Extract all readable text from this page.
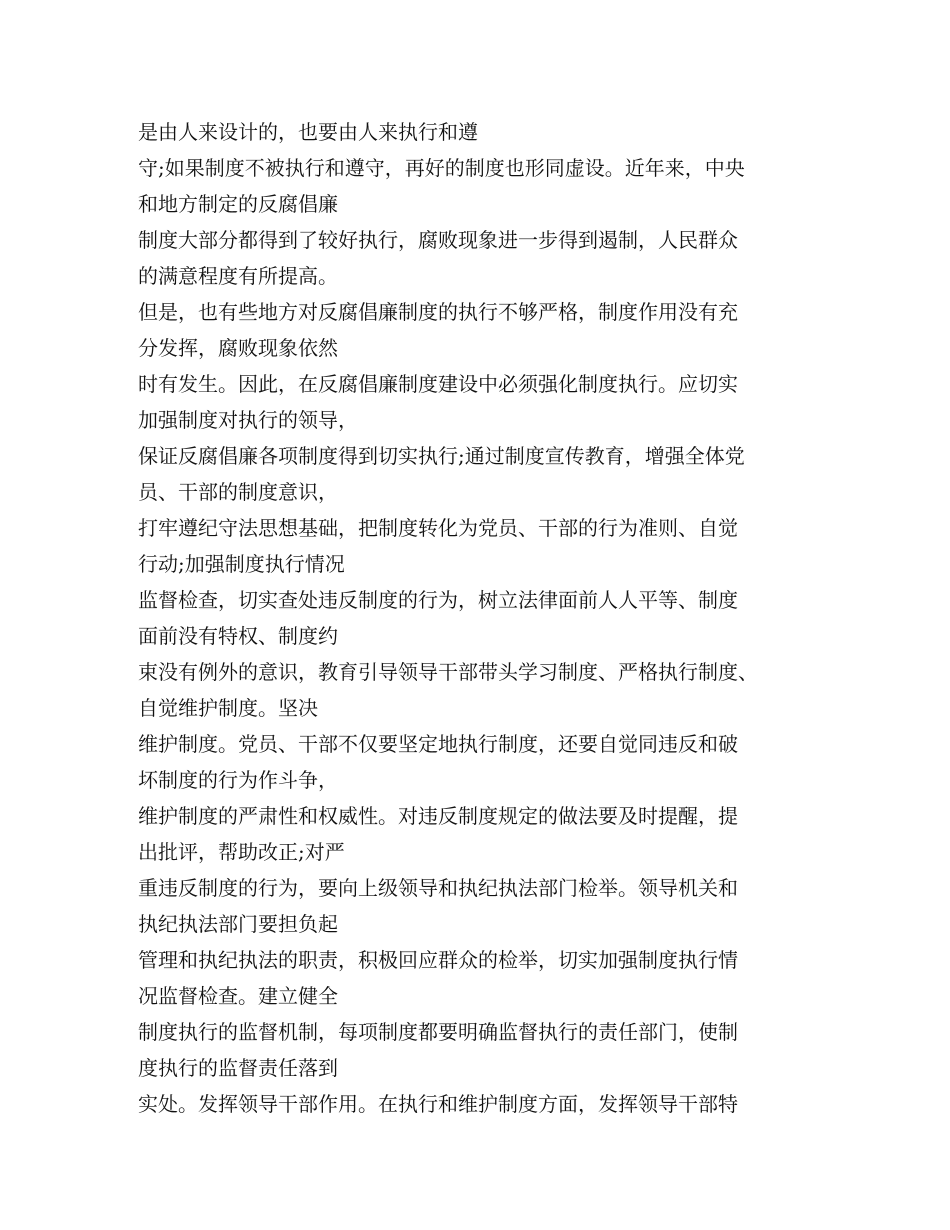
是由人来设计的，也要由人来执行和遵
守;如果制度不被执行和遵守，再好的制度也形同虚设。近年来，中央
和地方制定的反腐倡廉
制度大部分都得到了较好执行，腐败现象进一步得到遏制，人民群众
的满意程度有所提高。
但是，也有些地方对反腐倡廉制度的执行不够严格，制度作用没有充
分发挥，腐败现象依然
时有发生。因此，在反腐倡廉制度建设中必须强化制度执行。应切实
加强制度对执行的领导，
保证反腐倡廉各项制度得到切实执行;通过制度宣传教育，增强全体党
员、干部的制度意识，
打牢遵纪守法思想基础，把制度转化为党员、干部的行为准则、自觉
行动;加强制度执行情况
监督检查，切实查处违反制度的行为，树立法律面前人人平等、制度
面前没有特权、制度约
束没有例外的意识，教育引导领导干部带头学习制度、严格执行制度、
自觉维护制度。坚决
维护制度。党员、干部不仅要坚定地执行制度，还要自觉同违反和破
坏制度的行为作斗争，
维护制度的严肃性和权威性。对违反制度规定的做法要及时提醒，提
出批评，帮助改正;对严
重违反制度的行为，要向上级领导和执纪执法部门检举。领导机关和
执纪执法部门要担负起
管理和执纪执法的职责，积极回应群众的检举，切实加强制度执行情
况监督检查。建立健全
制度执行的监督机制，每项制度都要明确监督执行的责任部门，使制
度执行的监督责任落到
实处。发挥领导干部作用。在执行和维护制度方面，发挥领导干部特
